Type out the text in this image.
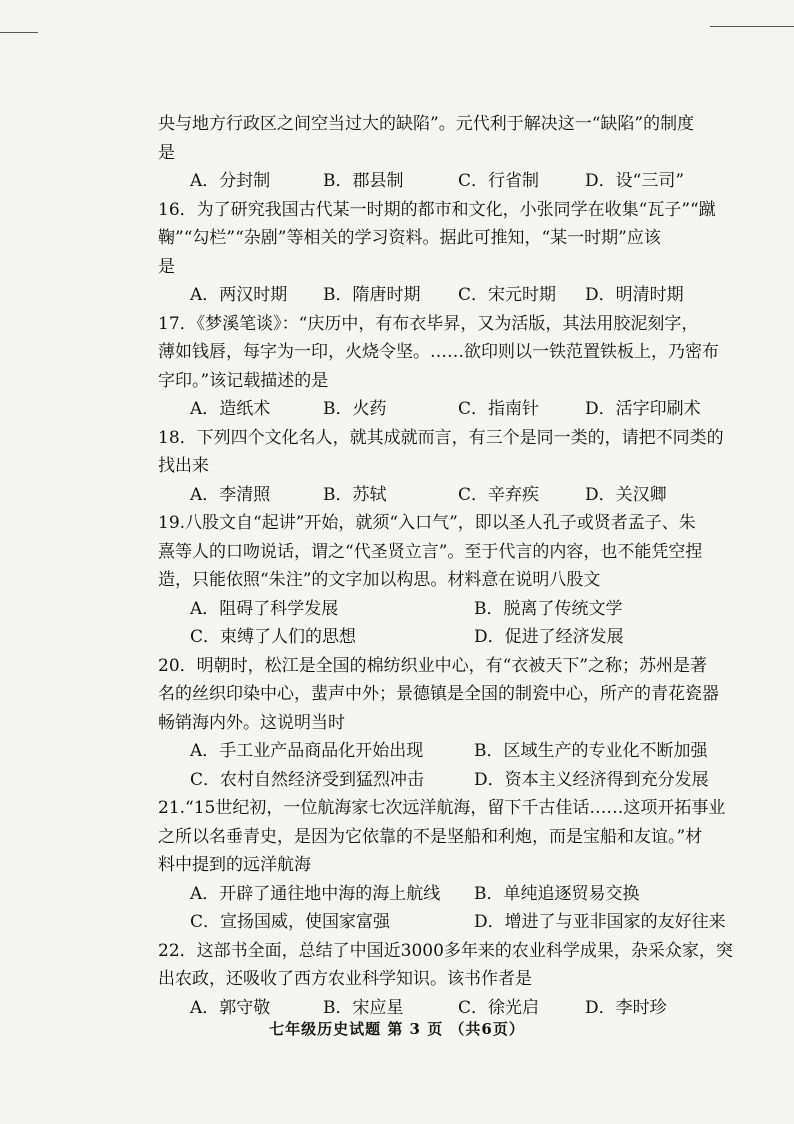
央与地方行政区之间空当过大的缺陷”。元代利于解决这一“缺陷”的制度
是
A．分封制	B．郡县制	C．行省制	D．设“三司”
16．为了研究我国古代某一时期的都市和文化，小张同学在收集“瓦子”“蹴
鞠”“勾栏”“杂剧”等相关的学习资料。据此可推知，“某一时期”应该
是
A．两汉时期	B．隋唐时期	C．宋元时期	D．明清时期
17．《梦溪笔谈》：“庆历中，有布衣毕昇，又为活版，其法用胶泥刻字，
薄如钱唇，每字为一印，火烧令坚。……欲印则以一铁范置铁板上，乃密布
字印。”该记载描述的是
A．造纸术	B．火药	C．指南针	D．活字印刷术
18．下列四个文化名人，就其成就而言，有三个是同一类的，请把不同类的
找出来
A．李清照	B．苏轼	C．辛弃疾	D．关汉卿
19.八股文自“起讲”开始，就须“入口气”，即以圣人孔子或贤者孟子、朱
熹等人的口吻说话，谓之“代圣贤立言”。至于代言的内容，也不能凭空捏
造，只能依照“朱注”的文字加以构思。材料意在说明八股文
A．阻碍了科学发展	B．脱离了传统文学
C．束缚了人们的思想	D．促进了经济发展
20．明朝时，松江是全国的棉纺织业中心，有“衣被天下”之称；苏州是著
名的丝织印染中心，蜚声中外；景德镇是全国的制瓷中心，所产的青花瓷器
畅销海内外。这说明当时
A．手工业产品商品化开始出现	B．区域生产的专业化不断加强
C．农村自然经济受到猛烈冲击	D．资本主义经济得到充分发展
21.“15世纪初，一位航海家七次远洋航海，留下千古佳话……这项开拓事业
之所以名垂青史，是因为它依靠的不是坚船和利炮，而是宝船和友谊。”材
料中提到的远洋航海
A．开辟了通往地中海的海上航线	B．单纯追逐贸易交换
C．宣扬国威，使国家富强	D．增进了与亚非国家的友好往来
22．这部书全面，总结了中国近3000多年来的农业科学成果，杂采众家，突
出农政，还吸收了西方农业科学知识。该书作者是
A．郭守敬	B．宋应星	C．徐光启	D．李时珍
七年级历史试题 第 3 页 （共6页）
